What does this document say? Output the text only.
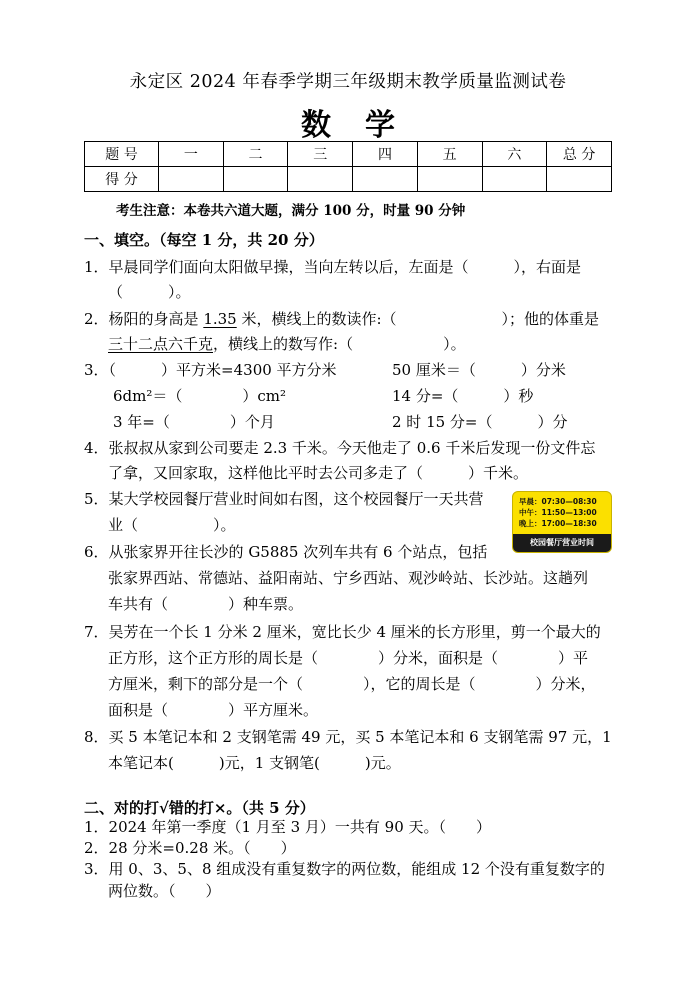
永定区 2024 年春季学期三年级期末教学质量监测试卷
数学
题 号	一	二	三	四	五	六	总 分
得 分							
考生注意：本卷共六道大题，满分 100 分，时量 90 分钟
一、填空。（每空 1 分，共 20 分）
1．早晨同学们面向太阳做早操，当向左转以后，左面是（　　　），右面是
（　　　）。
2．杨阳的身高是 1.35 米，横线上的数读作:（　　　　　　　）；他的体重是
三十二点六千克，横线上的数写作:（　　　　　　）。
3．（　　　）平方米=4300 平方分米	50 厘米＝（　　　）分米
6dm²＝（　　　　）cm²	14 分=（　　　）秒
3 年=（　　　　）个月	2 时 15 分=（　　　）分
4．张叔叔从家到公司要走 2.3 千米。今天他走了 0.6 千米后发现一份文件忘
了拿，又回家取，这样他比平时去公司多走了（　　　）千米。
5．某大学校园餐厅营业时间如右图，这个校园餐厅一天共营
业（　　　　　）。
早晨：07:30—08:30
中午：11:50—13:00
晚上：17:00—18:30
校园餐厅营业时间
6．从张家界开往长沙的 G5885 次列车共有 6 个站点，包括
张家界西站、常德站、益阳南站、宁乡西站、观沙岭站、长沙站。这趟列
车共有（　　　　）种车票。
7．吴芳在一个长 1 分米 2 厘米，宽比长少 4 厘米的长方形里，剪一个最大的
正方形，这个正方形的周长是（　　　　）分米，面积是（　　　　）平
方厘米，剩下的部分是一个（　　　　），它的周长是（　　　　）分米，
面积是（　　　　）平方厘米。
8．买 5 本笔记本和 2 支钢笔需 49 元，买 5 本笔记本和 6 支钢笔需 97 元，1
本笔记本(　　　)元，1 支钢笔(　　　)元。
二、对的打√错的打×。（共 5 分）
1．2024 年第一季度（1 月至 3 月）一共有 90 天。（　　）
2．28 分米=0.28 米。（　　）
3．用 0、3、5、8 组成没有重复数字的两位数，能组成 12 个没有重复数字的
两位数。（　　）
